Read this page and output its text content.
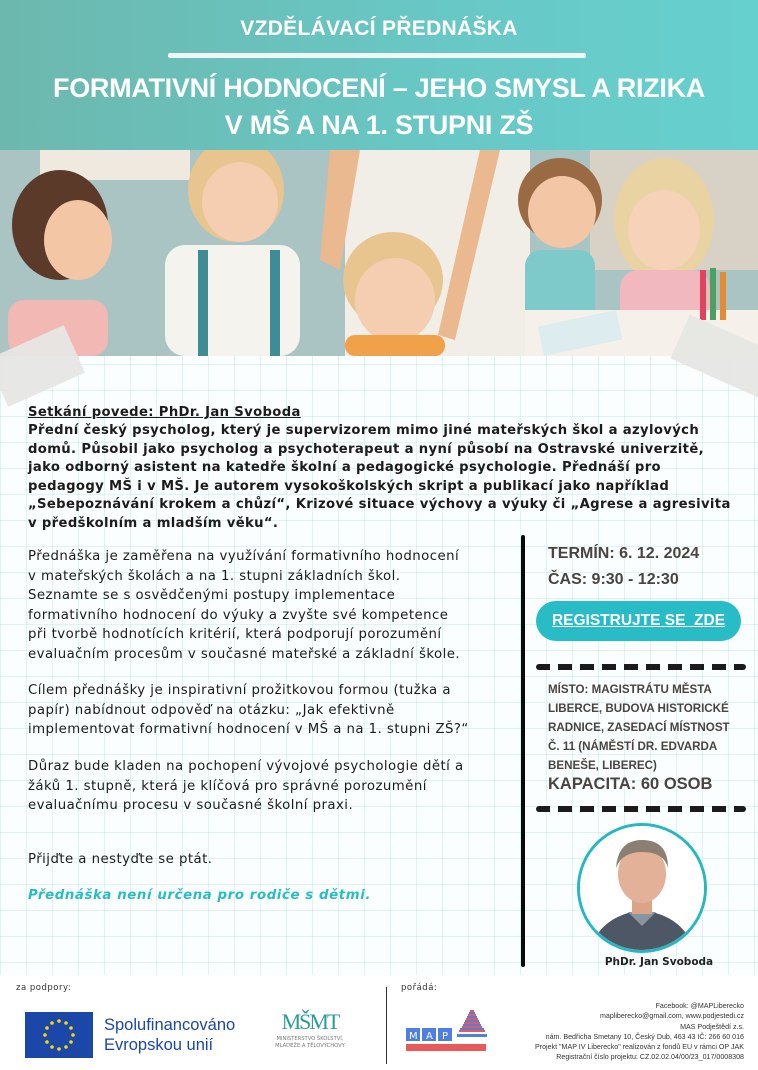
VZDĚLÁVACÍ PŘEDNÁŠKA
FORMATIVNÍ HODNOCENÍ – JEHO SMYSL A RIZIKA
V MŠ A NA 1. STUPNI ZŠ
Setkání povede: PhDr. Jan Svoboda
Přední český psycholog, který je supervizorem mimo jiné mateřských škol a azylových
domů. Působil jako psycholog a psychoterapeut a nyní působí na Ostravské univerzitě,
jako odborný asistent na katedře školní a pedagogické psychologie. Přednáší pro
pedagogy MŠ i v MŠ. Je autorem vysokoškolských skript a publikací jako například
„Sebepoznávání krokem a chůzí“, Krizové situace výchovy a výuky či „Agrese a agresivita
v předškolním a mladším věku“.
Přednáška je zaměřena na využívání formativního hodnocení
v mateřských školách a na 1. stupni základních škol.
Seznamte se s osvědčenými postupy implementace
formativního hodnocení do výuky a zvyšte své kompetence
při tvorbě hodnotících kritérií, která podporují porozumění
evaluačním procesům v současné mateřské a základní škole.
Cílem přednášky je inspirativní prožitkovou formou (tužka a
papír) nabídnout odpověď na otázku: „Jak efektivně
implementovat formativní hodnocení v MŠ a na 1. stupni ZŠ?“
Důraz bude kladen na pochopení vývojové psychologie dětí a
žáků 1. stupně, která je klíčová pro správné porozumění
evaluačnímu procesu v současné školní praxi.
Přijďte a nestyďte se ptát.
Přednáška není určena pro rodiče s dětmi.
TERMÍN: 6. 12. 2024
ČAS: 9:30 - 12:30
REGISTRUJTE SE  ZDE
MÍSTO: MAGISTRÁTU MĚSTA
LIBERCE, BUDOVA HISTORICKÉ
RADNICE, ZASEDACÍ MÍSTNOST
Č. 11 (NÁMĚSTÍ DR. EDVARDA
BENEŠE, LIBEREC)
KAPACITA: 60 OSOB
PhDr. Jan Svoboda
za podpory:
Spolufinancováno
Evropskou unií
MŠMT
MINISTERSTVO ŠKOLSTVÍ,
MLÁDEŽE A TĚLOVÝCHOVY
pořádá:
Facebook: @MAPLiberecko
mapliberecko@gmail.com, www.podjestedi.cz
MAS Podještědí z.s.
nám. Bedřicha Smetany 10, Český Dub, 463 43 IČ: 266 60 016
Projekt "MAP IV Liberecko" realizován z fondů EU v rámci OP JAK
Registrační číslo projektu: CZ.02.02.04/00/23_017/0008308
M A P
